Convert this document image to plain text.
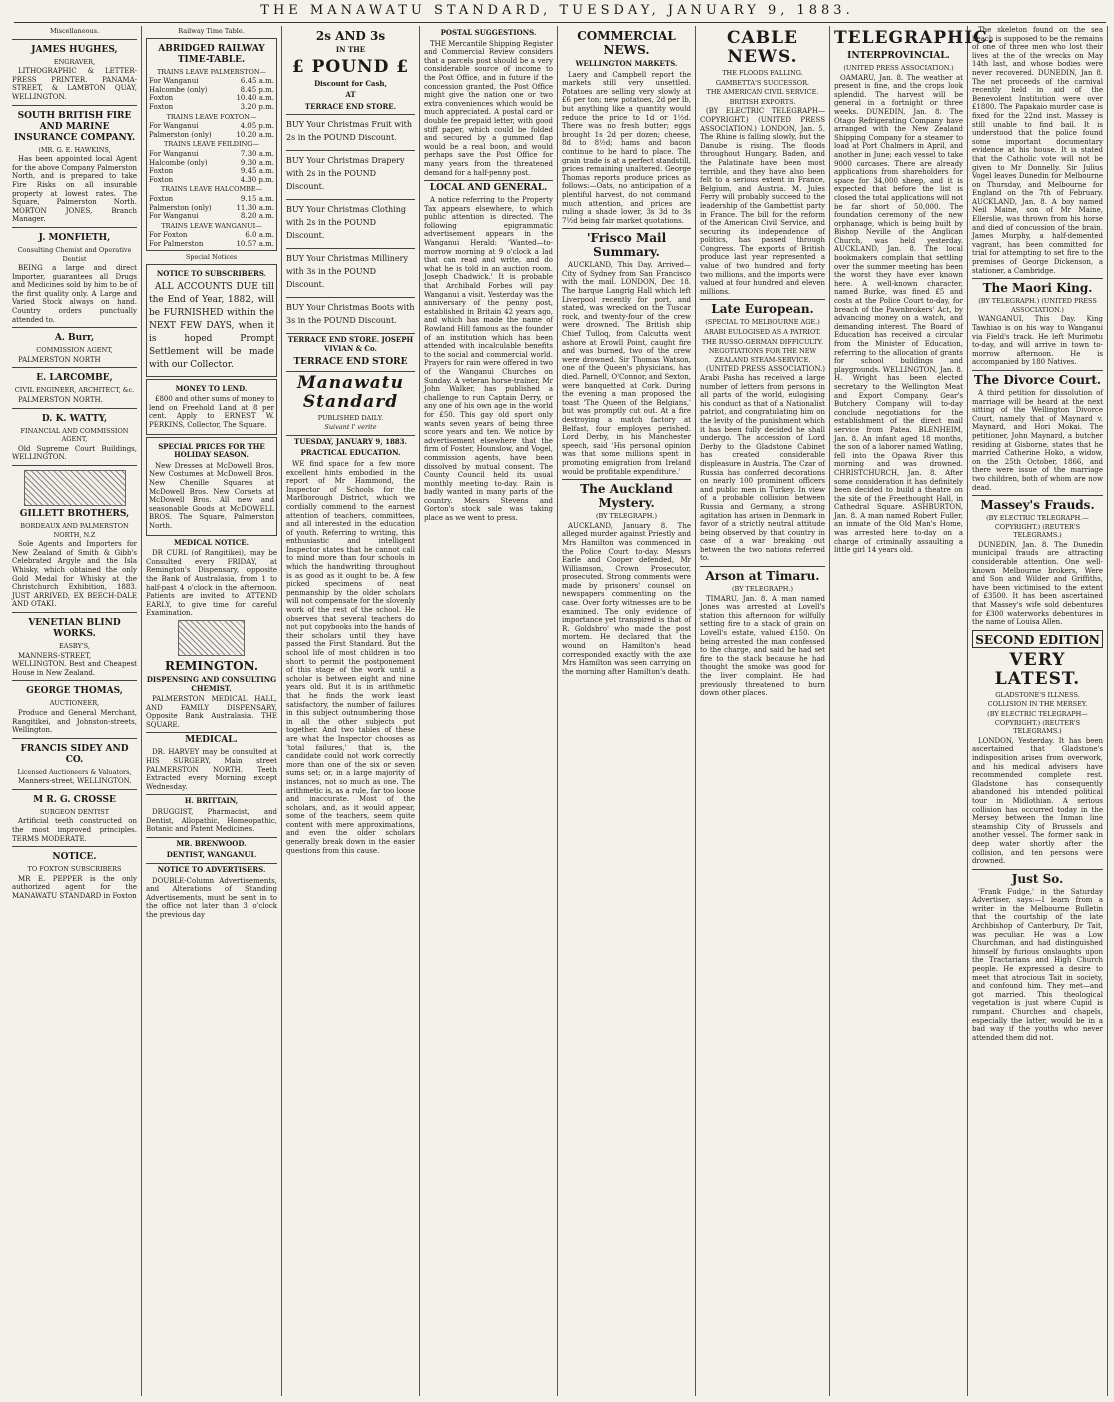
THE MANAWATU STANDARD, TUESDAY, JANUARY 9, 1883.
Miscellaneous.
JAMES HUGHES,
ENGRAVER,

LITHOGRAPHIC & LETTER-PRESS PRINTER. PANAMA-STREET, & LAMBTON QUAY, WELLINGTON.

SOUTH BRITISH FIRE AND MARINE INSURANCE COMPANY.
(MR. G. E. HAWKINS,

Has been appointed local Agent for the above Company Palmerston North, and is prepared to take Fire Risks on all insurable property at lowest rates. The Square, Palmerston North. MORTON JONES, Branch Manager.

J. MONFIETH,
Consulting Chemist and Operative Dentist

BEING a large and direct Importer, guarantees all Drugs and Medicines sold by him to be of the first quality only. A Large and Varied Stock always on hand. Country orders punctually attended to.

A. Burr,
COMMISSION AGENT,

PALMERSTON NORTH

E. LARCOMBE,
CIVIL ENGINEER, ARCHITECT, &c.

PALMERSTON NORTH.

D. K. WATTY,
FINANCIAL AND COMMISSION AGENT,

Old Supreme Court Buildings, WELLINGTON.

GILLETT BROTHERS,
BORDEAUX AND PALMERSTON NORTH, N.Z

Sole Agents and Importers for New Zealand of Smith & Gibb's Celebrated Argyle and the Isla Whisky, which obtained the only Gold Medal for Whisky at the Christchurch Exhibition, 1883. JUST ARRIVED, EX BEECH-DALE AND OTAKI.

VENETIAN BLIND WORKS.
EASBY'S,

MANNERS-STREET, WELLINGTON. Best and Cheapest House in New Zealand.

GEORGE THOMAS,
AUCTIONEER,

Produce and General Merchant, Rangitikei, and Johnston-streets, Wellington.

FRANCIS SIDEY AND CO.
Licensed Auctioneers & Valuators,

Manners-street, WELLINGTON.

M R. G. CROSSE
SURGEON DENTIST

Artificial teeth constructed on the most improved principles. TERMS MODERATE.

NOTICE.
TO FOXTON SUBSCRIBERS

MR E. PEPPER is the only authorized agent for the MANAWATU STANDARD in Foxton

Railway Time Table.
ABRIDGED RAILWAY TIME-TABLE.
TRAINS LEAVE PALMERSTON—
For Wanganui	6.45 a.m.
Halcombe (only)	8.45 p.m.
Foxton	10.40 a.m.
Foxton	3.20 p.m.
TRAINS LEAVE FOXTON—
For Wanganui	4.05 p.m.
Palmerston (only)	10.20 a.m.
TRAINS LEAVE FEILDING—
For Wanganui	7.30 a.m.
Halcombe (only)	9.30 a.m.
Foxton	9.45 a.m.
Foxton	4.30 p.m.
TRAINS LEAVE HALCOMBE—
Foxton	9.15 a.m.
Palmerston (only)	11.30 a.m.
For Wanganui	8.20 a.m.
TRAINS LEAVE WANGANUI—
For Foxton	6.0 a.m.
For Palmerston	10.57 a.m.
Special Notices
NOTICE TO SUBSCRIBERS.

ALL ACCOUNTS DUE till the End of Year, 1882, will be FURNISHED within the NEXT FEW DAYS, when it is hoped Prompt Settlement will be made with our Collector.

MONEY TO LEND.

£800 and other sums of money to lend on Freehold Land at 8 per cent. Apply to ERNEST W. PERKINS, Collector, The Square.

SPECIAL PRICES FOR THE HOLIDAY SEASON.

New Dresses at McDowell Bros. New Costumes at McDowell Bros. New Chenille Squares at McDowell Bros. New Corsets at McDowell Bros. All new and seasonable Goods at McDOWELL BROS. The Square, Palmerston North.

MEDICAL NOTICE.

DR CURL (of Rangitikei), may be Consulted every FRIDAY, at Remington's Dispensary, opposite the Bank of Australasia, from 1 to half-past 4 o'clock in the afternoon. Patients are invited to ATTEND EARLY, to give time for careful Examination.

REMINGTON.
DISPENSING AND CONSULTING CHEMIST.

PALMERSTON MEDICAL HALL, AND FAMILY DISPENSARY, Opposite Bank Australasia. THE SQUARE.

MEDICAL.

DR. HARVEY may be consulted at HIS SURGERY, Main street PALMERSTON NORTH. Teeth Extracted every Morning except Wednesday.

H. BRITTAIN,

DRUGGIST, Pharmacist, and Dentist, Allopathic, Homeopathic, Botanic and Patent Medicines.

MR. BRENWOOD.
DENTIST, WANGANUI.
NOTICE TO ADVERTISERS.

DOUBLE-Column Advertisements, and Alterations of Standing Advertisements, must be sent in to the office not later than 3 o'clock the previous day

2s AND 3s
IN THE
£ POUND £
Discount for Cash,
AT
TERRACE END STORE.
BUY Your Christmas Fruit with 2s in the POUND Discount.
BUY Your Christmas Drapery with 2s in the POUND Discount.
BUY Your Christmas Clothing with 2s in the POUND Discount.
BUY Your Christmas Millinery with 3s in the POUND Discount.
BUY Your Christmas Boots with 3s in the POUND Discount.
TERRACE END STORE. JOSEPH VIVIAN & Co.
TERRACE END STORE
Manawatu Standard
PUBLISHED DAILY.
Suivant l' verite
TUESDAY, JANUARY 9, 1883.
PRACTICAL EDUCATION.

WE find space for a few more excellent hints embodied in the report of Mr Hammond, the Inspector of Schools for the Marlborough District, which we cordially commend to the earnest attention of teachers, committees, and all interested in the education of youth. Referring to writing, this enthusiastic and intelligent Inspector states that he cannot call to mind more than four schools in which the handwriting throughout is as good as it ought to be. A few picked specimens of neat penmanship by the older scholars will not compensate for the slovenly work of the rest of the school. He observes that several teachers do not put copybooks into the hands of their scholars until they have passed the First Standard. But the school life of most children is too short to permit the postponement of this stage of the work until a scholar is between eight and nine years old. But it is in arithmetic that he finds the work least satisfactory, the number of failures in this subject outnumbering those in all the other subjects put together. And two tables of these are what the Inspector chooses as 'total failures,' that is, the candidate could not work correctly more than one of the six or seven sums set; or, in a large majority of instances, not so much as one. The arithmetic is, as a rule, far too loose and inaccurate. Most of the scholars, and, as it would appear, some of the teachers, seem quite content with mere approximations, and even the older scholars generally break down in the easier questions from this cause.

POSTAL SUGGESTIONS.

THE Mercantile Shipping Register and Commercial Review considers that a parcels post should be a very considerable source of income to the Post Office, and in future if the concession granted, the Post Office might give the nation one or two extra conveniences which would be much appreciated. A postal card or double fee prepaid letter, with good stiff paper, which could be folded and secured by a gummed flap would be a real boon, and would perhaps save the Post Office for many years from the threatened demand for a half-penny post.

LOCAL AND GENERAL.

A notice referring to the Property Tax appears elsewhere, to which public attention is directed. The following epigrammatic advertisement appears in the Wanganui Herald: 'Wanted—to-morrow morning at 9 o'clock a lad that can read and write, and do what he is told in an auction room. Joseph Chadwick.' It is probable that Archibald Forbes will pay Wanganui a visit. Yesterday was the anniversary of the penny post, established in Britain 42 years ago, and which has made the name of Rowland Hill famous as the founder of an institution which has been attended with incalculable benefits to the social and commercial world. Prayers for rain were offered in two of the Wanganui Churches on Sunday. A veteran horse-trainer, Mr John Walker, has published a challenge to run Captain Derry, or any one of his own age in the world for £50. This gay old sport only wants seven years of being three score years and ten. We notice by advertisement elsewhere that the firm of Foster, Hounslow, and Vogel, commission agents, have been dissolved by mutual consent. The County Council held its usual monthly meeting to-day. Rain is badly wanted in many parts of the country. Messrs Stevens and Gorton's stock sale was taking place as we went to press.

COMMERCIAL NEWS.
WELLINGTON MARKETS.

Laery and Campbell report the markets still very unsettled. Potatoes are selling very slowly at £6 per ton; new potatoes, 2d per lb, but anything like a quantity would reduce the price to 1d or 1½d. There was no fresh butter; eggs brought 1s 2d per dozen; cheese, 8d to 8½d; hams and bacon continue to be hard to place. The grain trade is at a perfect standstill, prices remaining unaltered. George Thomas reports produce prices as follows:—Oats, no anticipation of a plentiful harvest, do not command much attention, and prices are ruling a shade lower, 3s 3d to 3s 7½d being fair market quotations.

'Frisco Mail Summary.

AUCKLAND, This Day. Arrived—City of Sydney from San Francisco with the mail. LONDON, Dec 18. The barque Langrig Hall which left Liverpool recently for port, and stated, was wrecked on the Tuscar rock, and twenty-four of the crew were drowned. The British ship Chief Tulloq, from Calcutta went ashore at Erowll Point, caught fire and was burned, two of the crew were drowned. Sir Thomas Watson, one of the Queen's physicians, has died. Parnell, O'Connor, and Sexton, were banquetted at Cork. During the evening a man proposed the toast 'The Queen of the Belgians,' but was promptly cut out. At a fire destroying a match factory at Belfast, four employes perished. Lord Derby, in his Manchester speech, said 'His personal opinion was that some millions spent in promoting emigration from Ireland would be profitable expenditure.'

The Auckland Mystery.
(BY TELEGRAPH.)

AUCKLAND, January 8. The alleged murder against Priestly and Mrs Hamilton was commenced in the Police Court to-day. Messrs Earle and Cooper defended, Mr Williamson, Crown Prosecutor, prosecuted. Strong comments were made by prisoners' counsel on newspapers commenting on the case. Over forty witnesses are to be examined. The only evidence of importance yet transpired is that of R. Goldsbro' who made the post mortem. He declared that the wound on Hamilton's head corresponded exactly with the axe Mrs Hamilton was seen carrying on the morning after Hamilton's death.

CABLE NEWS.
THE FLOODS FALLING.
GAMBETTA'S SUCCESSOR.
THE AMERICAN CIVIL SERVICE.
BRITISH EXPORTS.

(BY ELECTRIC TELEGRAPH—COPYRIGHT.) (UNITED PRESS ASSOCIATION.) LONDON, Jan. 5. The Rhine is falling slowly, but the Danube is rising. The floods throughout Hungary, Baden, and the Palatinate have been most terrible, and they have also been felt to a serious extent in France, Belgium, and Austria. M. Jules Ferry will probably succeed to the leadership of the Gambettist party in France. The bill for the reform of the American Civil Service, and securing its independence of politics, has passed through Congress. The exports of British produce last year represented a value of two hundred and forty two millions, and the imports were valued at four hundred and eleven millions.

Late European.
(SPECIAL TO MELBOURNE AGE.)
ARABI EULOGISED AS A PATRIOT.
THE RUSSO-GERMAN DIFFICULTY.
NEGOTIATIONS FOR THE NEW ZEALAND STEAM-SERVICE.

(UNITED PRESS ASSOCIATION.) Arabi Pasha has received a large number of letters from persons in all parts of the world, eulogising his conduct as that of a Nationalist patriot, and congratulating him on the levity of the punishment which it has been fully decided he shall undergo. The accession of Lord Derby to the Gladstone Cabinet has created considerable displeasure in Austria. The Czar of Russia has conferred decorations on nearly 100 prominent officers and public men in Turkey. In view of a probable collision between Russia and Germany, a strong agitation has arisen in Denmark in favor of a strictly neutral attitude being observed by that country in case of a war breaking out between the two nations referred to.

Arson at Timaru.
(BY TELEGRAPH.)

TIMARU, Jan. 8. A man named Jones was arrested at Lovell's station this afternoon for wilfully setting fire to a stack of grain on Lovell's estate, valued £150. On being arrested the man confessed to the charge, and said he had set fire to the stack because he had thought the smoke was good for the liver complaint. He had previously threatened to burn down other places.

TELEGRAPHIC.
INTERPROVINCIAL.
(UNITED PRESS ASSOCIATION.)

OAMARU, Jan. 8. The weather at present is fine, and the crops look splendid. The harvest will be general in a fortnight or three weeks. DUNEDIN, Jan. 8. The Otago Refrigerating Company have arranged with the New Zealand Shipping Company for a steamer to load at Port Chalmers in April, and another in June; each vessel to take 9000 carcases. There are already applications from shareholders for space for 34,000 sheep, and it is expected that before the list is closed the total applications will not be far short of 50,000. The foundation ceremony of the new orphanage, which is being built by Bishop Neville of the Anglican Church, was held yesterday. AUCKLAND, Jan. 8. The local bookmakers complain that settling over the summer meeting has been the worst they have ever known here. A well-known character, named Burke, was fined £5 and costs at the Police Court to-day, for breach of the Pawnbrokers' Act, by advancing money on a watch, and demanding interest. The Board of Education has received a circular from the Minister of Education, referring to the allocation of grants for school buildings and playgrounds. WELLINGTON, Jan. 8. H. Wright has been elected secretary to the Wellington Meat and Export Company. Gear's Butchery Company will to-day conclude negotiations for the establishment of the direct mail service from Patea. BLENHEIM, Jan. 8. An infant aged 18 months, the son of a laborer named Watling, fell into the Opawa River this morning and was drowned. CHRISTCHURCH, Jan. 8. After some consideration it has definitely been decided to build a theatre on the site of the Freethought Hall, in Cathedral Square. ASHBURTON, Jan. 8. A man named Robert Fuller, an inmate of the Old Man's Home, was arrested here to-day on a charge of criminally assaulting a little girl 14 years old.

The skeleton found on the sea beach is supposed to be the remains of one of three men who lost their lives at the of the wrecks on May 14th last, and whose bodies were never recovered. DUNEDIN, Jan 8. The net proceeds of the carnival recently held in aid of the Benevolent Institution were over £1800. The Papakaio murder case is fixed for the 22nd inst. Massey is still unable to find bail. It is understood that the police found some important documentary evidence at his house. It is stated that the Catholic vote will not be given to Mr Donnelly. Sir Julius Vogel leaves Dunedin for Melbourne on Thursday, and Melbourne for England on the 7th of February. AUCKLAND, Jan. 8. A boy named Neil Maine, son of Mr Maine, Ellerslie, was thrown from his horse and died of concussion of the brain. James Murphy, a half-demented vagrant, has been committed for trial for attempting to set fire to the premises of George Dickenson, a stationer, a Cambridge.

The Maori King.
(BY TELEGRAPH.) (UNITED PRESS ASSOCIATION.)

WANGANUI, This Day. King Tawhiao is on his way to Wanganui via Field's track. He left Murimotu to-day, and will arrive in town to-morrow afternoon. He is accompanied by 180 Natives.

The Divorce Court.

A third petition for dissolution of marriage will be heard at the next sitting of the Wellington Divorce Court, namely that of Maynard v. Maynard, and Hori Mokai. The petitioner, John Maynard, a butcher residing at Gisborne, states that he married Catherine Hoko, a widow, on the 25th October, 1866, and there were issue of the marriage two children, both of whom are now dead.

Massey's Frauds.
(BY ELECTRIC TELEGRAPH.—COPYRIGHT.) (REUTER'S TELEGRAMS.)

DUNEDIN, Jan. 8. The Dunedin municipal frauds are attracting considerable attention. One well-known Melbourne brokers, Were and Son and Wilder and Griffiths, have been victimised to the extent of £3500. It has been ascertained that Massey's wife sold debentures for £300 waterworks debentures in the name of Louisa Allen.

SECOND EDITION
VERY LATEST.
GLADSTONE'S ILLNESS.
COLLISION IN THE MERSEY.
(BY ELECTRIC TELEGRAPH—COPYRIGHT.) (REUTER'S TELEGRAMS.)

LONDON, Yesterday. It has been ascertained that Gladstone's indisposition arises from overwork, and his medical advisers have recommended complete rest. Gladstone has consequently abandoned his intended political tour in Midlothian. A serious collision has occurred today in the Mersey between the Inman line steamship City of Brussels and another vessel. The former sank in deep water shortly after the collision, and ten persons were drowned.

Just So.

'Frank Fudge,' in the Saturday Advertiser, says:—I learn from a writer in the Melbourne Bulletin that the courtship of the late Archbishop of Canterbury, Dr Tait, was peculiar. He was a Low Churchman, and had distinguished himself by furious onslaughts upon the Tractarians and High Church people. He expressed a desire to meet that atrocious Tait in society, and confound him. They met—and got married. This theological vegetation is just where Cupid is rampant. Churches and chapels, especially the latter, would be in a bad way if the youths who never attended them did not.
